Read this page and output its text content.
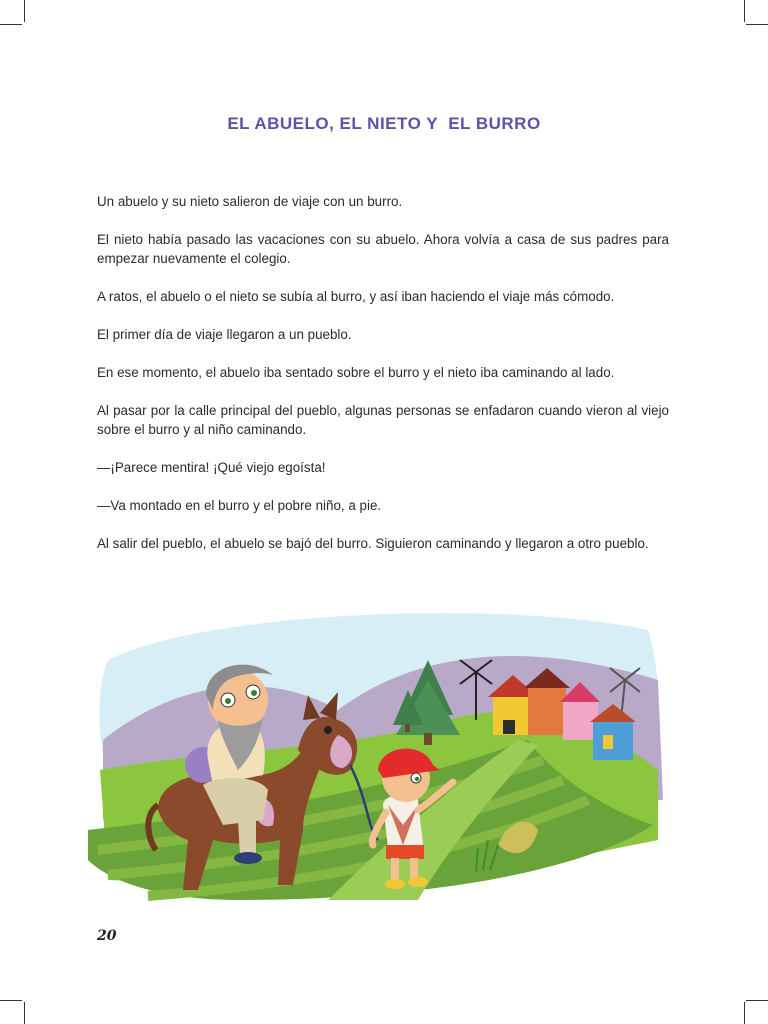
EL ABUELO, EL NIETO Y  EL BURRO

Un abuelo y su nieto salieron de viaje con un burro.

El nieto había pasado las vacaciones con su abuelo. Ahora volvía a casa de sus padres para empezar nuevamente el colegio.

A ratos, el abuelo o el nieto se subía al burro, y así iban haciendo el viaje más cómodo.

El primer día de viaje llegaron a un pueblo.

En ese momento, el abuelo iba sentado sobre el burro y el nieto iba caminando al lado.

Al pasar por la calle principal del pueblo, algunas personas se enfadaron cuando vieron al viejo sobre el burro y al niño caminando.

—¡Parece mentira! ¡Qué viejo egoísta!

—Va montado en el burro y el pobre niño, a pie.

Al salir del pueblo, el abuelo se bajó del burro. Siguieron caminando y llegaron a otro pueblo.

20
